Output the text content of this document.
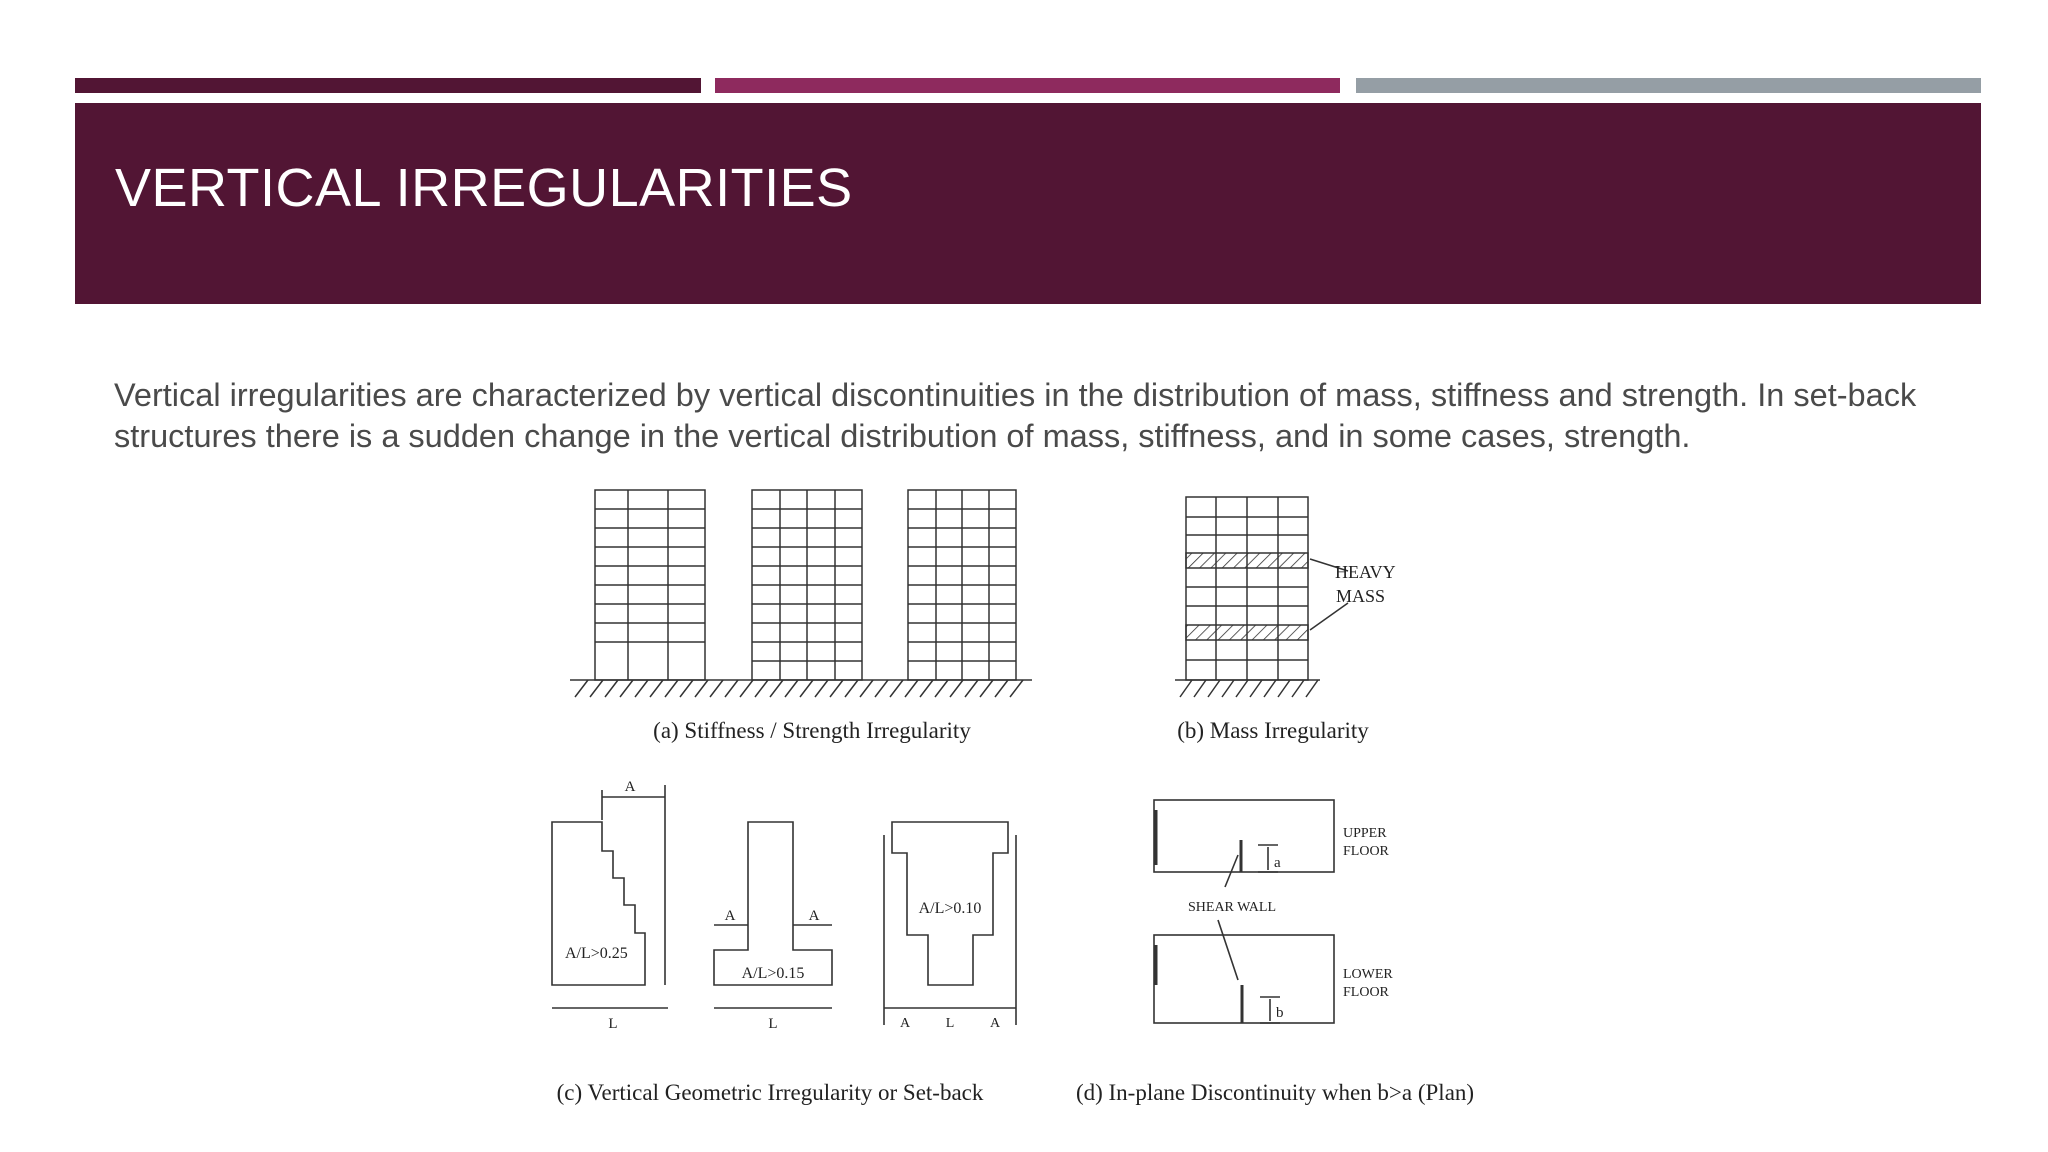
VERTICAL IRREGULARITIES

Vertical irregularities are characterized by vertical discontinuities in the distribution of mass, stiffness and strength. In set-back structures there is a sudden change in the vertical distribution of mass, stiffness, and in some cases, strength.

(a) Stiffness / Strength Irregularity
HEAVY
MASS
(b) Mass Irregularity
A
L
A/L>0.25
A	A
A/L>0.15
L
A/L>0.10
A	L	A
(c) Vertical Geometric Irregularity or Set-back
a
b
SHEAR WALL
UPPER
FLOOR
LOWER
FLOOR
(d) In-plane Discontinuity when b>a (Plan)
